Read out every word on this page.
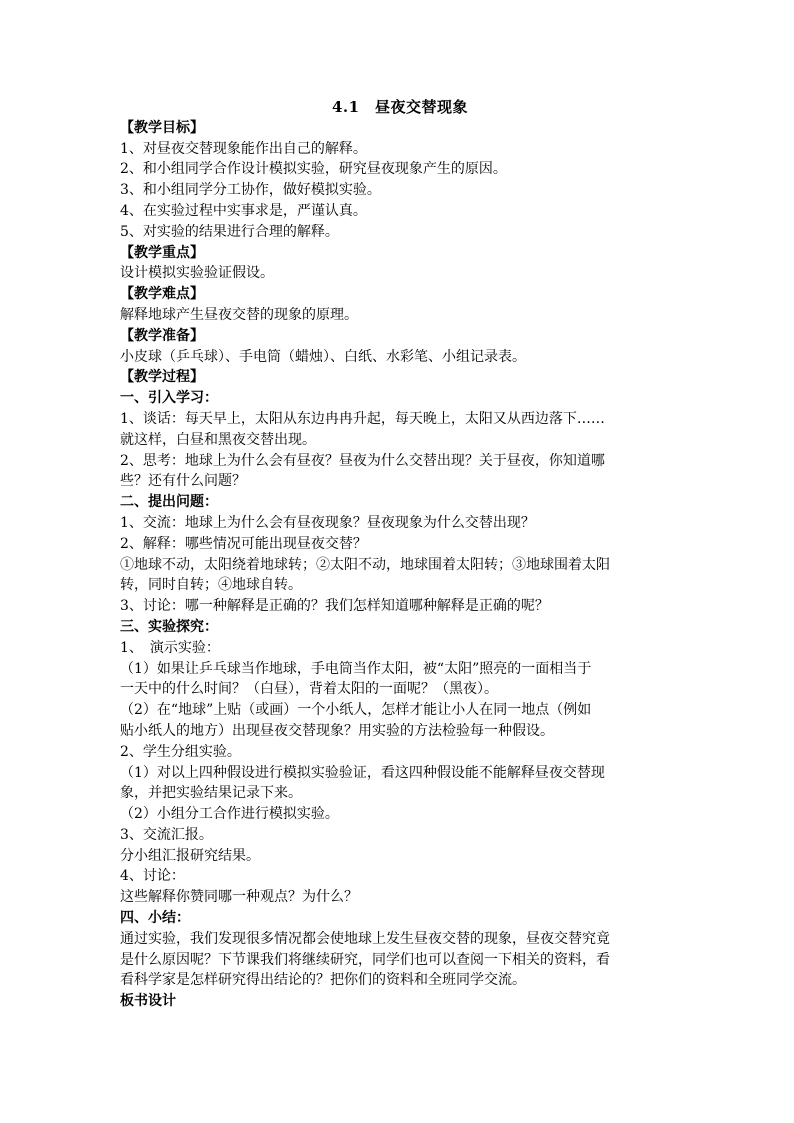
4.1　昼夜交替现象
【教学目标】
1、对昼夜交替现象能作出自己的解释。
2、和小组同学合作设计模拟实验，研究昼夜现象产生的原因。
3、和小组同学分工协作，做好模拟实验。
4、在实验过程中实事求是，严谨认真。
5、对实验的结果进行合理的解释。
【教学重点】
设计模拟实验验证假设。
【教学难点】
解释地球产生昼夜交替的现象的原理。
【教学准备】
小皮球（乒乓球）、手电筒（蜡烛）、白纸、水彩笔、小组记录表。
【教学过程】
一、引入学习：
1、谈话：每天早上，太阳从东边冉冉升起，每天晚上，太阳又从西边落下……
就这样，白昼和黑夜交替出现。
2、思考：地球上为什么会有昼夜？昼夜为什么交替出现？关于昼夜，你知道哪
些？还有什么问题？
二、提出问题：
1、交流：地球上为什么会有昼夜现象？昼夜现象为什么交替出现？
2、解释：哪些情况可能出现昼夜交替？
①地球不动，太阳绕着地球转；②太阳不动，地球围着太阳转；③地球围着太阳
转，同时自转；④地球自转。
3、讨论：哪一种解释是正确的？我们怎样知道哪种解释是正确的呢？
三、实验探究：
1、　演示实验：
（1）如果让乒乓球当作地球，手电筒当作太阳，被“太阳”照亮的一面相当于
一天中的什么时间？（白昼），背着太阳的一面呢？（黑夜）。
（2）在“地球”上贴（或画）一个小纸人，怎样才能让小人在同一地点（例如
贴小纸人的地方）出现昼夜交替现象？用实验的方法检验每一种假设。
2、学生分组实验。
（1）对以上四种假设进行模拟实验验证，看这四种假设能不能解释昼夜交替现
象，并把实验结果记录下来。
（2）小组分工合作进行模拟实验。
3、交流汇报。
分小组汇报研究结果。
4、讨论：
这些解释你赞同哪一种观点？为什么？
四、小结：
通过实验，我们发现很多情况都会使地球上发生昼夜交替的现象，昼夜交替究竟
是什么原因呢？下节课我们将继续研究，同学们也可以查阅一下相关的资料，看
看科学家是怎样研究得出结论的？把你们的资料和全班同学交流。
板书设计
